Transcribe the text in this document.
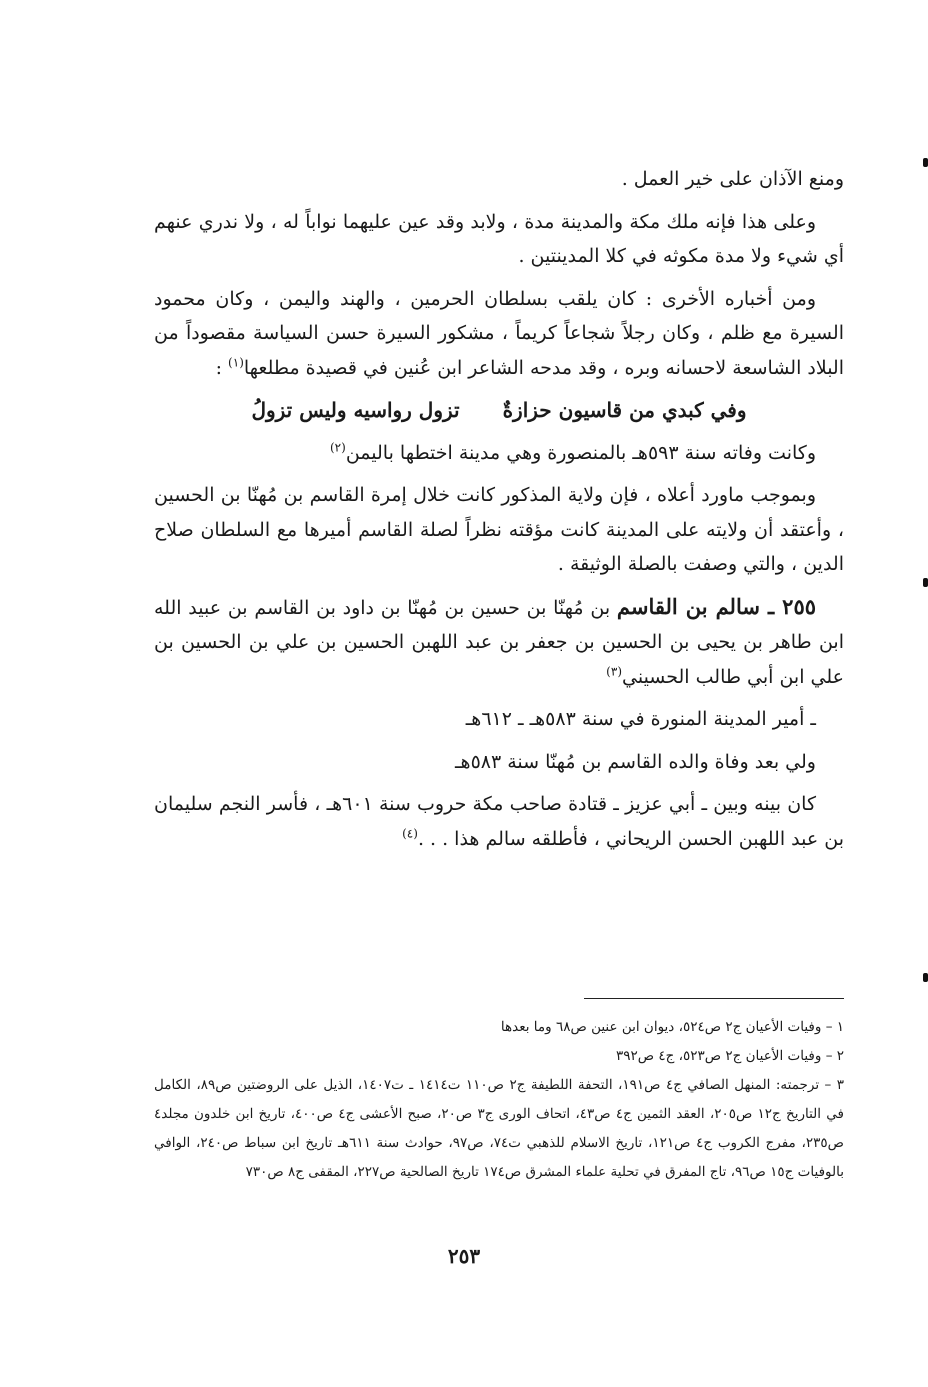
ومنع الآذان على خير العمل .

وعلى هذا فإنه ملك مكة والمدينة مدة ، ولابد وقد عين عليهما نواباً له ، ولا ندري عنهم أي شيء ولا مدة مكوثه في كلا المدينتين .

ومن أخباره الأخرى : كان يلقب بسلطان الحرمين ، والهند واليمن ، وكان محمود السيرة مع ظلم ، وكان رجلاً شجاعاً كريماً ، مشكور السيرة حسن السياسة مقصوداً من البلاد الشاسعة لاحسانه وبره ، وقد مدحه الشاعر ابن عُنين في قصيدة مطلعها$^{(١)}$ :

وفي كبدي من قاسيون حزازةٌ تزول رواسيه وليس تزولُ

وكانت وفاته سنة ٥٩٣هـ بالمنصورة وهي مدينة اختطها باليمن$^{(٢)}$

وبموجب ماورد أعلاه ، فإن ولاية المذكور كانت خلال إمرة القاسم بن مُهنّا بن الحسين ، وأعتقد أن ولايته على المدينة كانت مؤقته نظراً لصلة القاسم أميرها مع السلطان صلاح الدين ، والتي وصفت بالصلة الوثيقة .

٢٥٥ ـ سالم بن القاسم بن مُهنّا بن حسين بن مُهنّا بن داود بن القاسم بن عبيد الله ابن طاهر بن يحيى بن الحسين بن جعفر بن عبد اللهبن الحسين بن علي بن الحسين بن علي ابن أبي طالب الحسيني$^{(٣)}$

ـ أمير المدينة المنورة في سنة ٥٨٣هـ ـ ٦١٢هـ

ولي بعد وفاة والده القاسم بن مُهنّا سنة ٥٨٣هـ

كان بينه وبين ـ أبي عزيز ـ قتادة صاحب مكة حروب سنة ٦٠١هـ ، فأسر النجم سليمان بن عبد اللهبن الحسن الريحاني ، فأطلقه سالم هذا . . .$^{(٤)}$

١ – وفيات الأعيان ج٢ ص٥٢٤، ديوان ابن عنين ص٦٨ وما بعدها
٢ – وفيات الأعيان ج٢ ص٥٢٣، ج٤ ص٣٩٢
٣ – ترجمته: المنهل الصافي ج٤ ص١٩١، التحفة اللطيفة ج٢ ص١١٠ ت١٤١٤ ـ ت١٤٠٧، الذيل على الروضتين ص٨٩، الكامل في التاريخ ج١٢ ص٢٠٥، العقد الثمين ج٤ ص٤٣، اتحاف الورى ج٣ ص٢٠، صبح الأعشى ج٤ ص٤٠٠، تاريخ ابن خلدون مجلد٤ ص٢٣٥، مفرج الكروب ج٤ ص١٢١، تاريخ الاسلام للذهبي ت٧٤، ص٩٧، حوادث سنة ٦١١هـ تاريخ ابن سباط ص٢٤٠، الوافي بالوفيات ج١٥ ص٩٦، تاج المفرق في تحلية علماء المشرق ص١٧٤ تاريخ الصالحية ص٢٢٧، المقفى ج٨ ص٧٣٠
٢٥٣
